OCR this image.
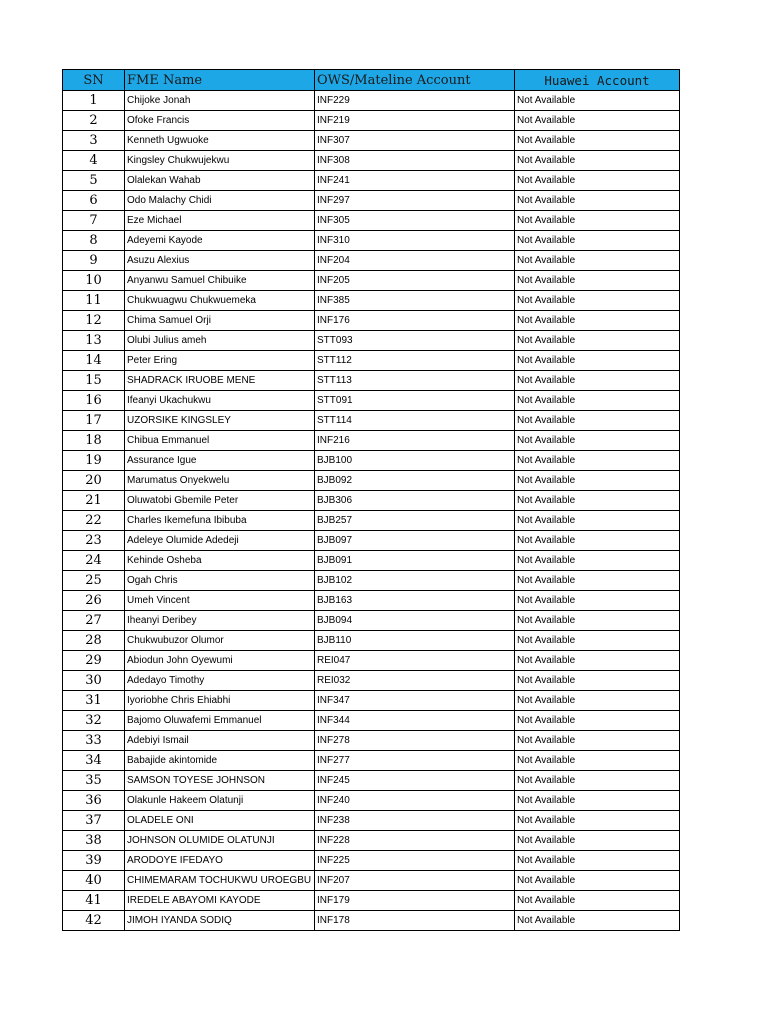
SN	FME Name	OWS/Mateline Account	Huawei Account
1	Chijoke Jonah	INF229	Not Available
2	Ofoke Francis	INF219	Not Available
3	Kenneth Ugwuoke	INF307	Not Available
4	Kingsley Chukwujekwu	INF308	Not Available
5	Olalekan Wahab	INF241	Not Available
6	Odo Malachy Chidi	INF297	Not Available
7	Eze Michael	INF305	Not Available
8	Adeyemi Kayode	INF310	Not Available
9	Asuzu Alexius	INF204	Not Available
10	Anyanwu Samuel Chibuike	INF205	Not Available
11	Chukwuagwu Chukwuemeka	INF385	Not Available
12	Chima Samuel Orji	INF176	Not Available
13	Olubi Julius ameh	STT093	Not Available
14	Peter Ering	STT112	Not Available
15	SHADRACK IRUOBE MENE	STT113	Not Available
16	Ifeanyi Ukachukwu	STT091	Not Available
17	UZORSIKE KINGSLEY	STT114	Not Available
18	Chibua Emmanuel	INF216	Not Available
19	Assurance Igue	BJB100	Not Available
20	Marumatus Onyekwelu	BJB092	Not Available
21	Oluwatobi Gbemile Peter	BJB306	Not Available
22	Charles Ikemefuna Ibibuba	BJB257	Not Available
23	Adeleye Olumide Adedeji	BJB097	Not Available
24	Kehinde Osheba	BJB091	Not Available
25	Ogah Chris	BJB102	Not Available
26	Umeh Vincent	BJB163	Not Available
27	Iheanyi Deribey	BJB094	Not Available
28	Chukwubuzor Olumor	BJB110	Not Available
29	Abiodun John Oyewumi	REI047	Not Available
30	Adedayo Timothy	REI032	Not Available
31	Iyoriobhe Chris Ehiabhi	INF347	Not Available
32	Bajomo Oluwafemi Emmanuel	INF344	Not Available
33	Adebiyi Ismail	INF278	Not Available
34	Babajide akintomide	INF277	Not Available
35	SAMSON TOYESE JOHNSON	INF245	Not Available
36	Olakunle Hakeem Olatunji	INF240	Not Available
37	OLADELE ONI	INF238	Not Available
38	JOHNSON OLUMIDE OLATUNJI	INF228	Not Available
39	ARODOYE IFEDAYO	INF225	Not Available
40	CHIMEMARAM TOCHUKWU UROEGBU	INF207	Not Available
41	IREDELE ABAYOMI KAYODE	INF179	Not Available
42	JIMOH IYANDA SODIQ	INF178	Not Available
